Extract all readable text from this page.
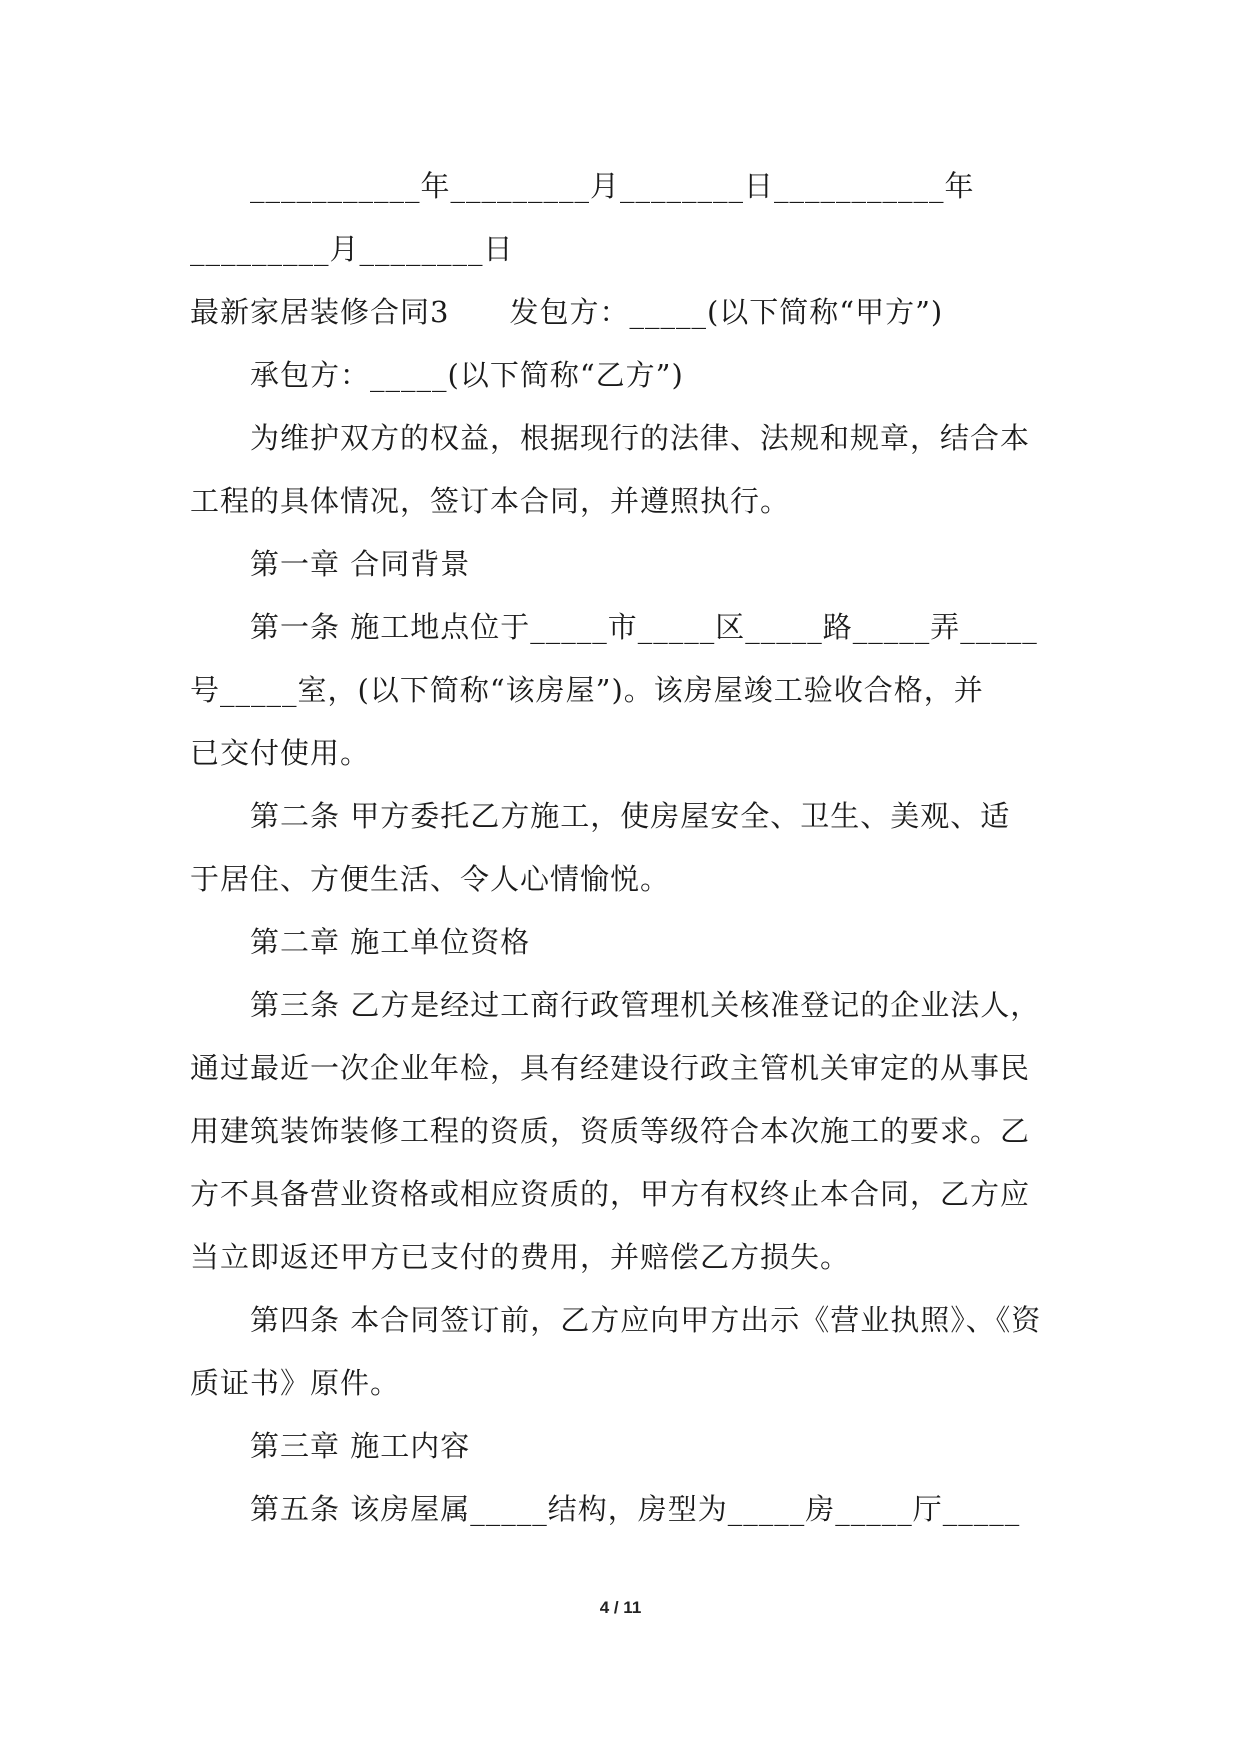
　　___________年_________月________日___________年
_________月________日
最新家居装修合同3　　发包方：_____(以下简称“甲方”)
　　承包方：_____(以下简称“乙方”)
　　为维护双方的权益，根据现行的法律、法规和规章，结合本
工程的具体情况，签订本合同，并遵照执行。
　　第一章 合同背景
　　第一条 施工地点位于_____市_____区_____路_____弄_____
号_____室，(以下简称“该房屋”)。该房屋竣工验收合格，并
已交付使用。
　　第二条 甲方委托乙方施工，使房屋安全、卫生、美观、适
于居住、方便生活、令人心情愉悦。
　　第二章 施工单位资格
　　第三条 乙方是经过工商行政管理机关核准登记的企业法人，
通过最近一次企业年检，具有经建设行政主管机关审定的从事民
用建筑装饰装修工程的资质，资质等级符合本次施工的要求。乙
方不具备营业资格或相应资质的，甲方有权终止本合同，乙方应
当立即返还甲方已支付的费用，并赔偿乙方损失。
　　第四条 本合同签订前，乙方应向甲方出示《营业执照》、《资
质证书》原件。
　　第三章 施工内容
　　第五条 该房屋属_____结构，房型为_____房_____厅_____
4 / 11
